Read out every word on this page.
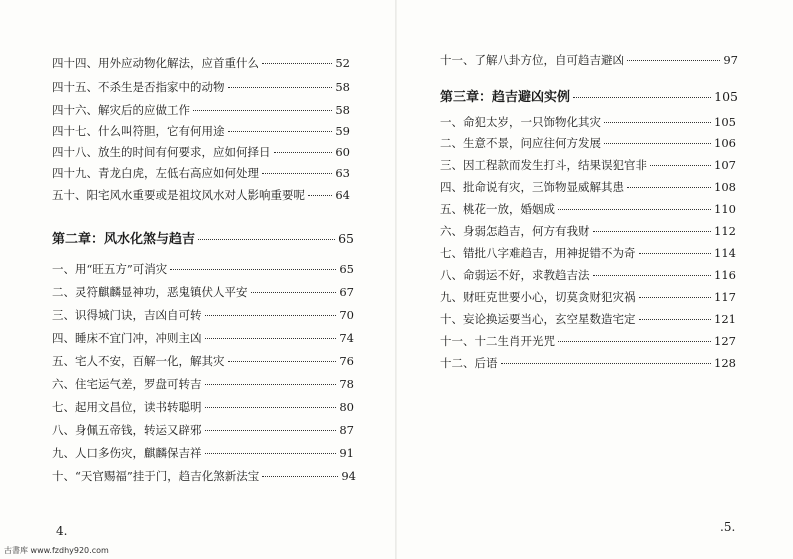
四十四、用外应动物化解法，应首重什么	52
四十五、不杀生是否指家中的动物	58
四十六、解灾后的应做工作	58
四十七、什么叫符胆，它有何用途	59
四十八、放生的时间有何要求，应如何择日	60
四十九、青龙白虎，左低右高应如何处理	63
五十、阳宅风水重要或是祖坟风水对人影响重要呢	64
第二章：风水化煞与趋吉	65
一、用“旺五方”可消灾	65
二、灵符麒麟显神功，恶鬼镇伏人平安	67
三、识得城门诀，吉凶自可转	70
四、睡床不宜门冲，冲则主凶	74
五、宅人不安，百解一化，解其灾	76
六、住宅运气差，罗盘可转吉	78
七、起用文昌位，读书转聪明	80
八、身佩五帝钱，转运又辟邪	87
九、人口多伤灾，麒麟保吉祥	91
十、“天官赐福”挂于门，趋吉化煞新法宝	94
4.
十一、了解八卦方位，自可趋吉避凶	97
第三章：趋吉避凶实例	105
一、命犯太岁，一只饰物化其灾	105
二、生意不景，问应往何方发展	106
三、因工程款而发生打斗，结果误犯官非	107
四、批命说有灾，三饰物显威解其患	108
五、桃花一放，婚姻成	110
六、身弱怎趋吉，何方有我财	112
七、错批八字难趋吉，用神捉错不为奇	114
八、命弱运不好，求教趋吉法	116
九、财旺克世要小心，切莫贪财犯灾祸	117
十、妄论换运要当心，玄空星数造宅定	121
十一、十二生肖开光咒	127
十二、后语	128
.5.
古書库 www.fzdhy920.com
